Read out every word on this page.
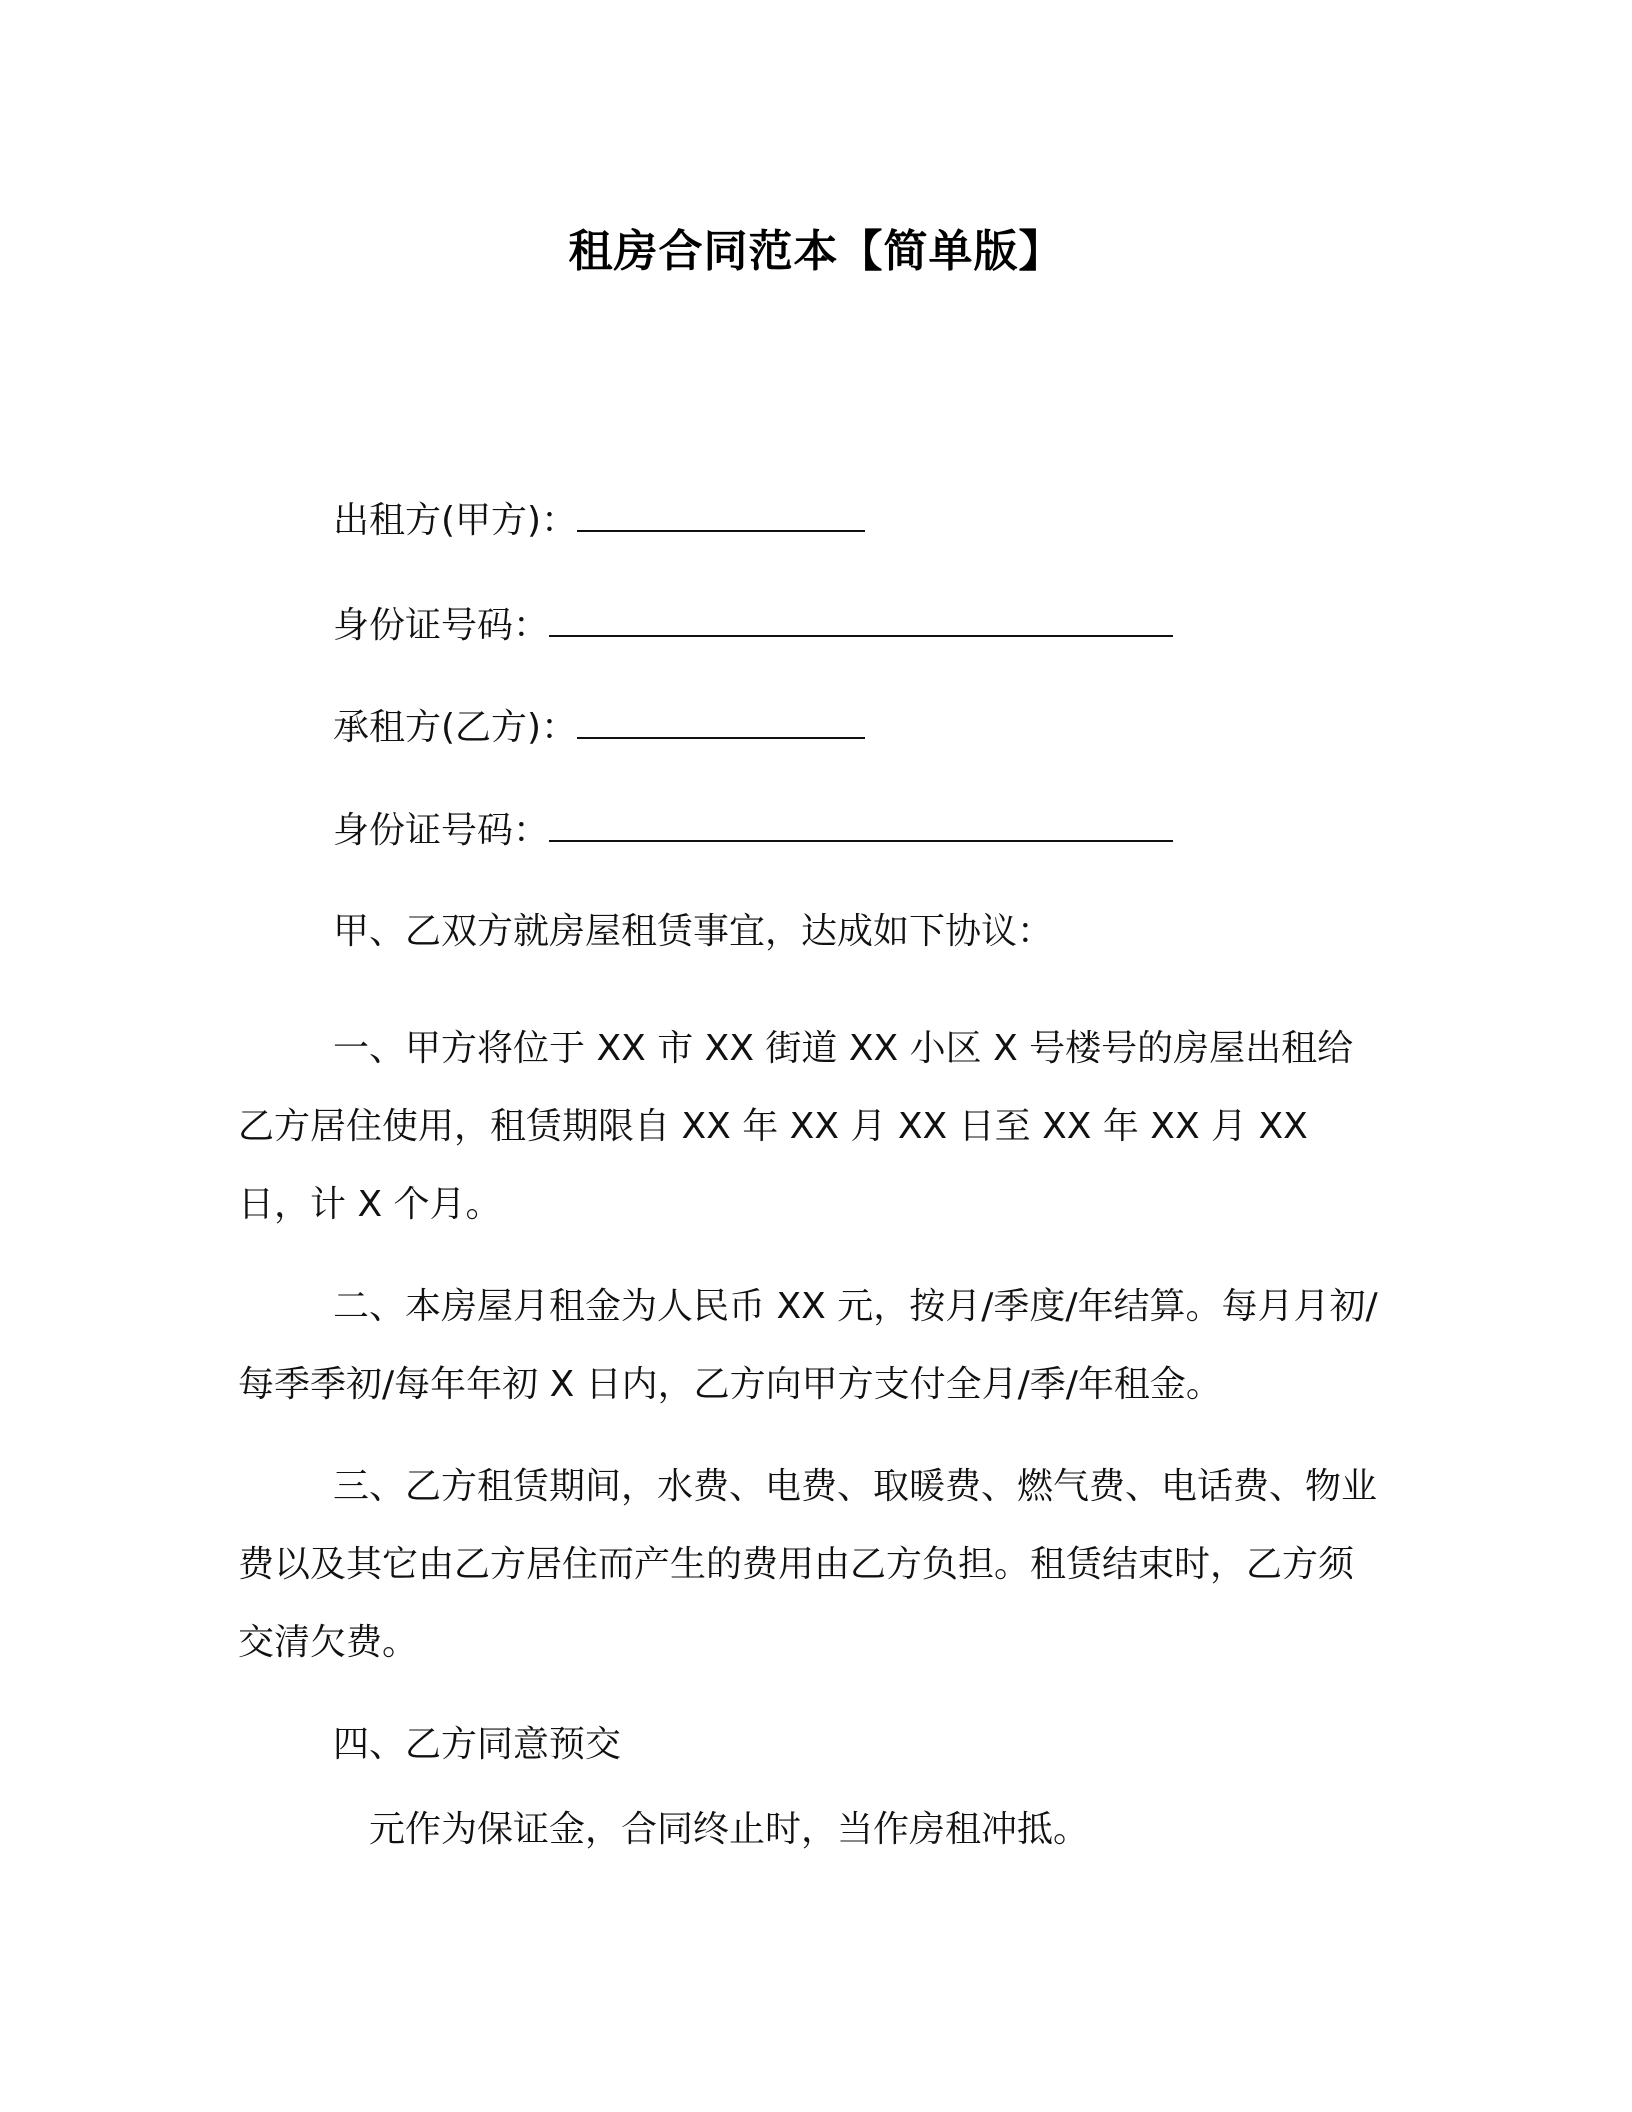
租房合同范本【简单版】
出租方(甲方)：
身份证号码：
承租方(乙方)：
身份证号码：
甲、乙双方就房屋租赁事宜，达成如下协议：

一、甲方将位于 XX 市 XX 街道 XX 小区 X 号楼号的房屋出租给乙方居住使用，租赁期限自 XX 年 XX 月 XX 日至 XX 年 XX 月 XX 日，计 X 个月。

二、本房屋月租金为人民币 XX 元，按月/季度/年结算。每月月初/每季季初/每年年初 X 日内，乙方向甲方支付全月/季/年租金。

三、乙方租赁期间，水费、电费、取暖费、燃气费、电话费、物业费以及其它由乙方居住而产生的费用由乙方负担。租赁结束时，乙方须交清欠费。

四、乙方同意预交

元作为保证金，合同终止时，当作房租冲抵。
